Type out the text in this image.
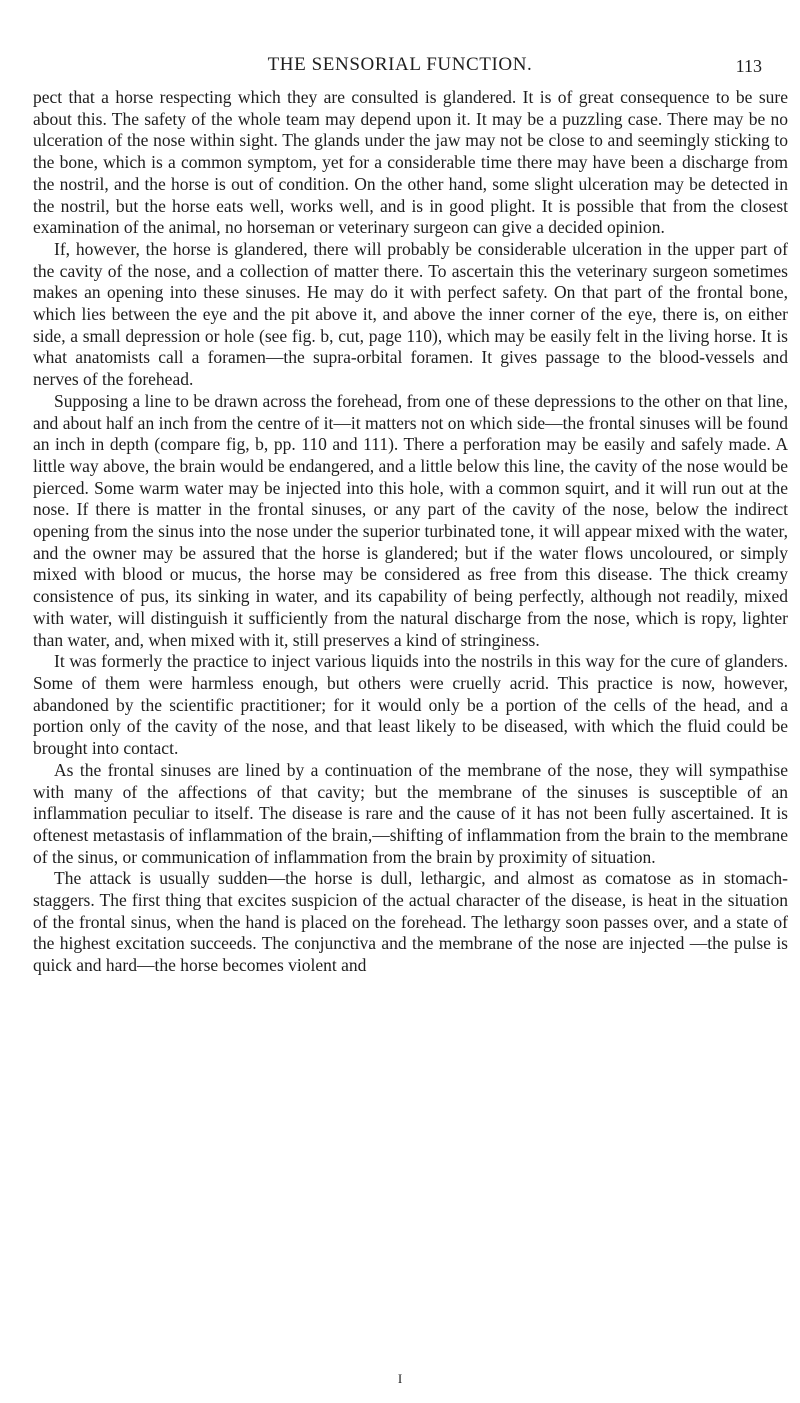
THE SENSORIAL FUNCTION.	113

pect that a horse respecting which they are consulted is glandered. It is of great consequence to be sure about this. The safety of the whole team may depend upon it. It may be a puzzling case. There may be no ulceration of the nose within sight. The glands under the jaw may not be close to and seemingly sticking to the bone, which is a common symptom, yet for a considerable time there may have been a discharge from the nostril, and the horse is out of condition. On the other hand, some slight ulceration may be detected in the nostril, but the horse eats well, works well, and is in good plight. It is possible that from the closest examination of the animal, no horseman or veterinary surgeon can give a decided opinion.

If, however, the horse is glandered, there will probably be considerable ulceration in the upper part of the cavity of the nose, and a collection of matter there. To ascertain this the veterinary surgeon sometimes makes an opening into these sinuses. He may do it with perfect safety. On that part of the frontal bone, which lies between the eye and the pit above it, and above the inner corner of the eye, there is, on either side, a small depression or hole (see fig. b, cut, page 110), which may be easily felt in the living horse. It is what anatomists call a foramen—the supra-orbital foramen. It gives passage to the blood-vessels and nerves of the forehead.

Supposing a line to be drawn across the forehead, from one of these depressions to the other on that line, and about half an inch from the centre of it—it matters not on which side—the frontal sinuses will be found an inch in depth (compare fig, b, pp. 110 and 111). There a perforation may be easily and safely made. A little way above, the brain would be endangered, and a little below this line, the cavity of the nose would be pierced. Some warm water may be injected into this hole, with a common squirt, and it will run out at the nose. If there is matter in the frontal sinuses, or any part of the cavity of the nose, below the indirect opening from the sinus into the nose under the superior turbinated tone, it will appear mixed with the water, and the owner may be assured that the horse is glandered; but if the water flows uncoloured, or simply mixed with blood or mucus, the horse may be considered as free from this disease. The thick creamy consistence of pus, its sinking in water, and its capability of being perfectly, although not readily, mixed with water, will distinguish it sufficiently from the natural discharge from the nose, which is ropy, lighter than water, and, when mixed with it, still preserves a kind of stringiness.

It was formerly the practice to inject various liquids into the nostrils in this way for the cure of glanders. Some of them were harmless enough, but others were cruelly acrid. This practice is now, however, abandoned by the scientific practitioner; for it would only be a portion of the cells of the head, and a portion only of the cavity of the nose, and that least likely to be diseased, with which the fluid could be brought into contact.

As the frontal sinuses are lined by a continuation of the membrane of the nose, they will sympathise with many of the affections of that cavity; but the membrane of the sinuses is susceptible of an inflammation peculiar to itself. The disease is rare and the cause of it has not been fully ascertained. It is oftenest metastasis of inflammation of the brain,—shifting of inflammation from the brain to the membrane of the sinus, or communication of inflammation from the brain by proximity of situation.

The attack is usually sudden—the horse is dull, lethargic, and almost as comatose as in stomach-staggers. The first thing that excites suspicion of the actual character of the disease, is heat in the situation of the frontal sinus, when the hand is placed on the forehead. The lethargy soon passes over, and a state of the highest excitation succeeds. The conjunctiva and the membrane of the nose are injected —the pulse is quick and hard—the horse becomes violent and

I
